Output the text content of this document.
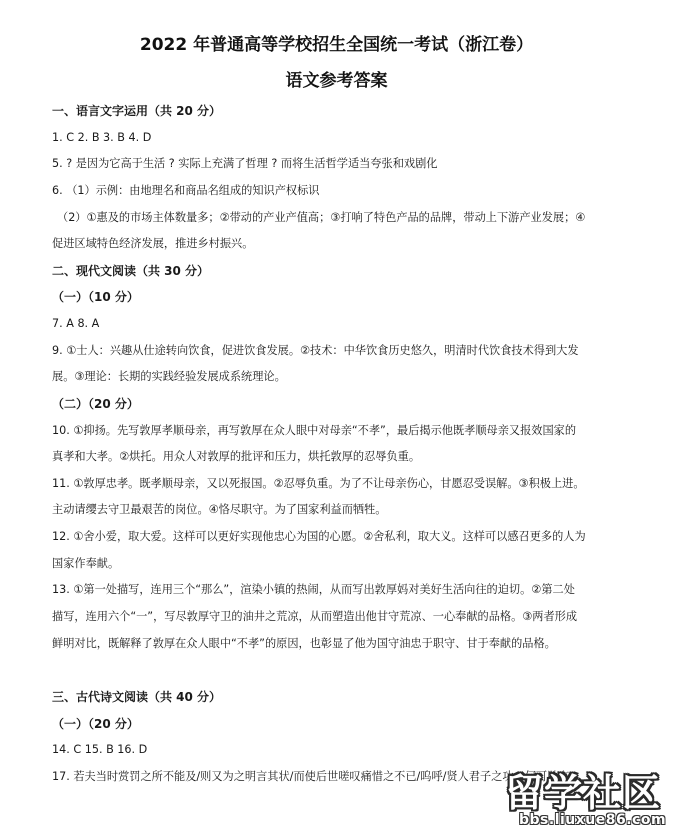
2022 年普通高等学校招生全国统一考试（浙江卷）
语文参考答案
一、语言文字运用（共 20 分）
1. C 2. B 3. B 4. D
5. ? 是因为它高于生活 ? 实际上充满了哲理 ? 而将生活哲学适当夸张和戏剧化
6. （1）示例：由地理名和商品名组成的知识产权标识
（2）①惠及的市场主体数量多；②带动的产业产值高；③打响了特色产品的品牌，带动上下游产业发展；④
促进区域特色经济发展，推进乡村振兴。
二、现代文阅读（共 30 分）
（一）（10 分）
7. A 8. A
9. ①士人：兴趣从仕途转向饮食，促进饮食发展。②技术：中华饮食历史悠久，明清时代饮食技术得到大发
展。③理论：长期的实践经验发展成系统理论。
（二）（20 分）
10. ①抑扬。先写敦厚孝顺母亲，再写敦厚在众人眼中对母亲“不孝”，最后揭示他既孝顺母亲又报效国家的
真孝和大孝。②烘托。用众人对敦厚的批评和压力，烘托敦厚的忍辱负重。
11. ①敦厚忠孝。既孝顺母亲，又以死报国。②忍辱负重。为了不让母亲伤心，甘愿忍受误解。③积极上进。
主动请缨去守卫最艰苦的岗位。④恪尽职守。为了国家利益而牺牲。
12. ①舍小爱，取大爱。这样可以更好实现他忠心为国的心愿。②舍私利，取大义。这样可以感召更多的人为
国家作奉献。
13. ①第一处描写，连用三个“那么”，渲染小镇的热闹，从而写出敦厚妈对美好生活向往的迫切。②第二处
描写，连用六个“一”，写尽敦厚守卫的油井之荒凉，从而塑造出他甘守荒凉、一心奉献的品格。③两者形成
鲜明对比，既解释了敦厚在众人眼中“不孝”的原因，也彰显了他为国守油忠于职守、甘于奉献的品格。
三、古代诗文阅读（共 40 分）
（一）（20 分）
14. C 15. B 16. D
17. 若夫当时赏罚之所不能及/则又为之明言其状/而使后世嗟叹痛惜之不已/呜呼/贤人君子之功，何可胜言
留学社区
bbs.liuxue86.com
